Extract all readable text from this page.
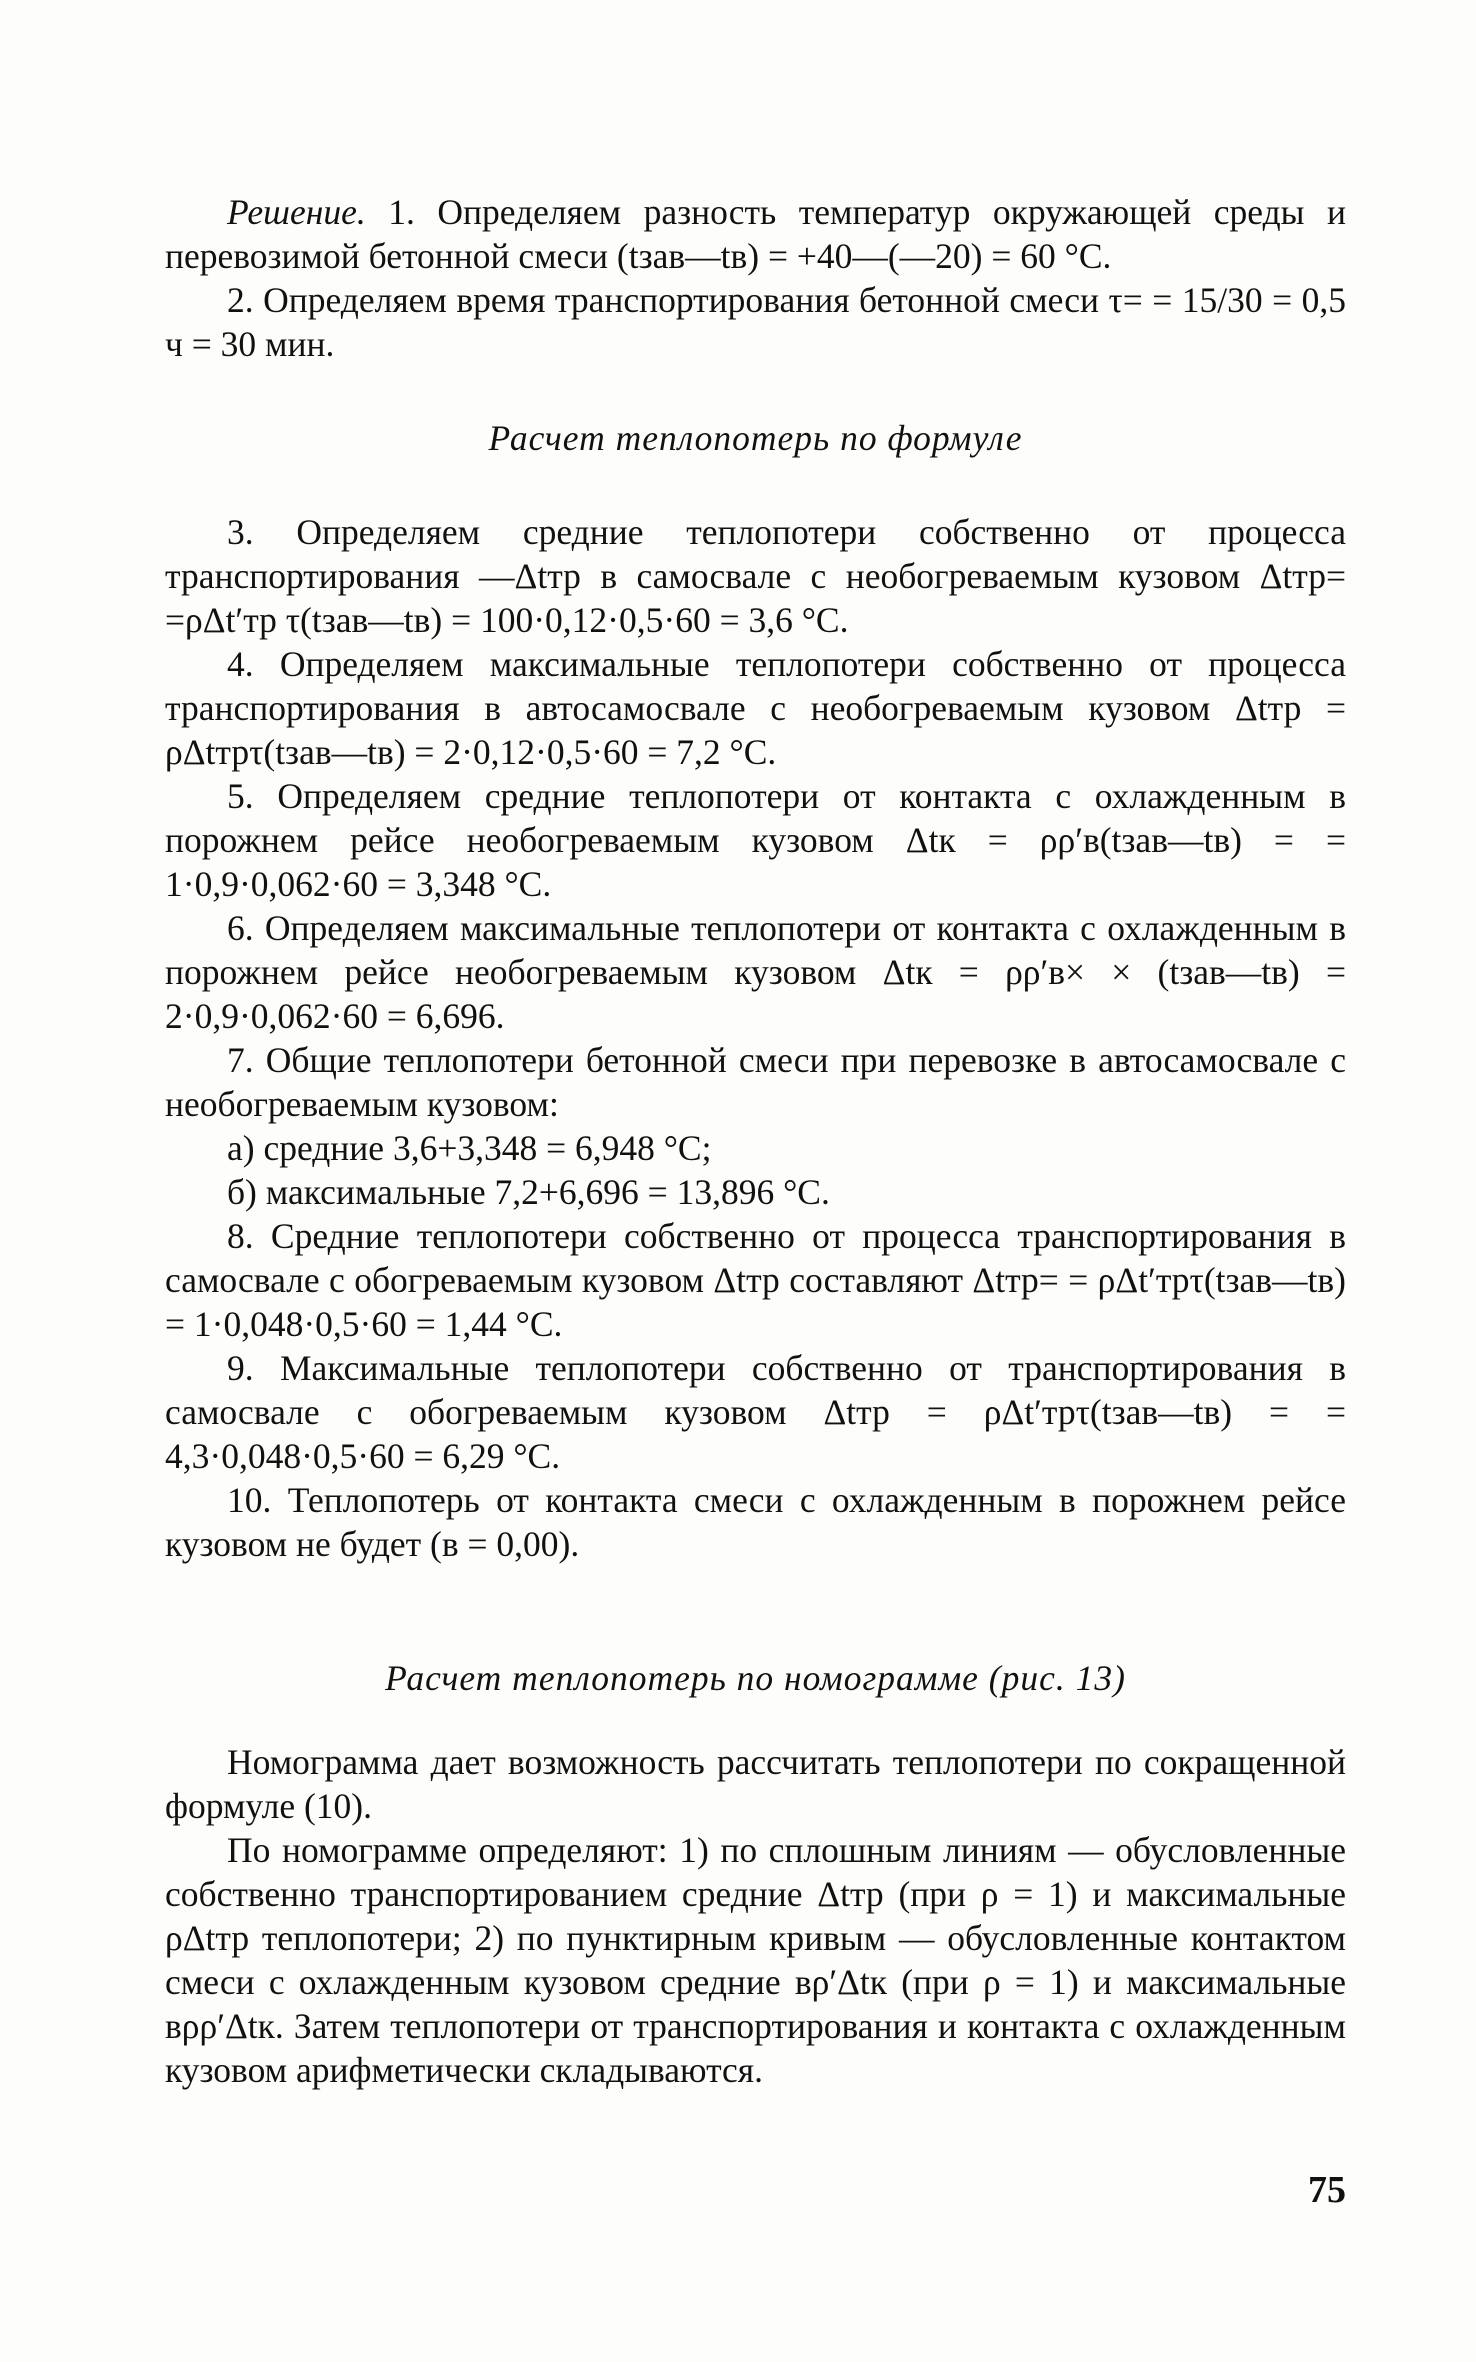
Решение. 1. Определяем разность температур окружающей среды и перевозимой бетонной смеси (tзав—tв) = +40—(—20) = 60 °С.

2. Определяем время транспортирования бетонной смеси τ= = 15/30 = 0,5 ч = 30 мин.

Расчет теплопотерь по формуле

3. Определяем средние теплопотери собственно от процесса транспортирования —Δtтр в самосвале с необогреваемым кузовом Δtтр= =ρΔt′тр τ(tзав—tв) = 100·0,12·0,5·60 = 3,6 °С.

4. Определяем максимальные теплопотери собственно от процесса транспортирования в автосамосвале с необогреваемым кузовом Δtтр = ρΔtтрτ(tзав—tв) = 2·0,12·0,5·60 = 7,2 °С.

5. Определяем средние теплопотери от контакта с охлажденным в порожнем рейсе необогреваемым кузовом Δtк = ρρ′в(tзав—tв) = = 1·0,9·0,062·60 = 3,348 °С.

6. Определяем максимальные теплопотери от контакта с охлажденным в порожнем рейсе необогреваемым кузовом Δtк = ρρ′в× × (tзав—tв) = 2·0,9·0,062·60 = 6,696.

7. Общие теплопотери бетонной смеси при перевозке в автосамосвале с необогреваемым кузовом:

а) средние 3,6+3,348 = 6,948 °С;

б) максимальные 7,2+6,696 = 13,896 °С.

8. Средние теплопотери собственно от процесса транспортирования в самосвале с обогреваемым кузовом Δtтр составляют Δtтр= = ρΔt′трτ(tзав—tв) = 1·0,048·0,5·60 = 1,44 °С.

9. Максимальные теплопотери собственно от транспортирования в самосвале с обогреваемым кузовом Δtтр = ρΔt′трτ(tзав—tв) = = 4,3·0,048·0,5·60 = 6,29 °С.

10. Теплопотерь от контакта смеси с охлажденным в порожнем рейсе кузовом не будет (в = 0,00).

Расчет теплопотерь по номограмме (рис. 13)

Номограмма дает возможность рассчитать теплопотери по сокращенной формуле (10).

По номограмме определяют: 1) по сплошным линиям — обусловленные собственно транспортированием средние Δtтр (при ρ = 1) и максимальные ρΔtтр теплопотери; 2) по пунктирным кривым — обусловленные контактом смеси с охлажденным кузовом средние вρ′Δtк (при ρ = 1) и максимальные вρρ′Δtк. Затем теплопотери от транспортирования и контакта с охлажденным кузовом арифметически складываются.

75
